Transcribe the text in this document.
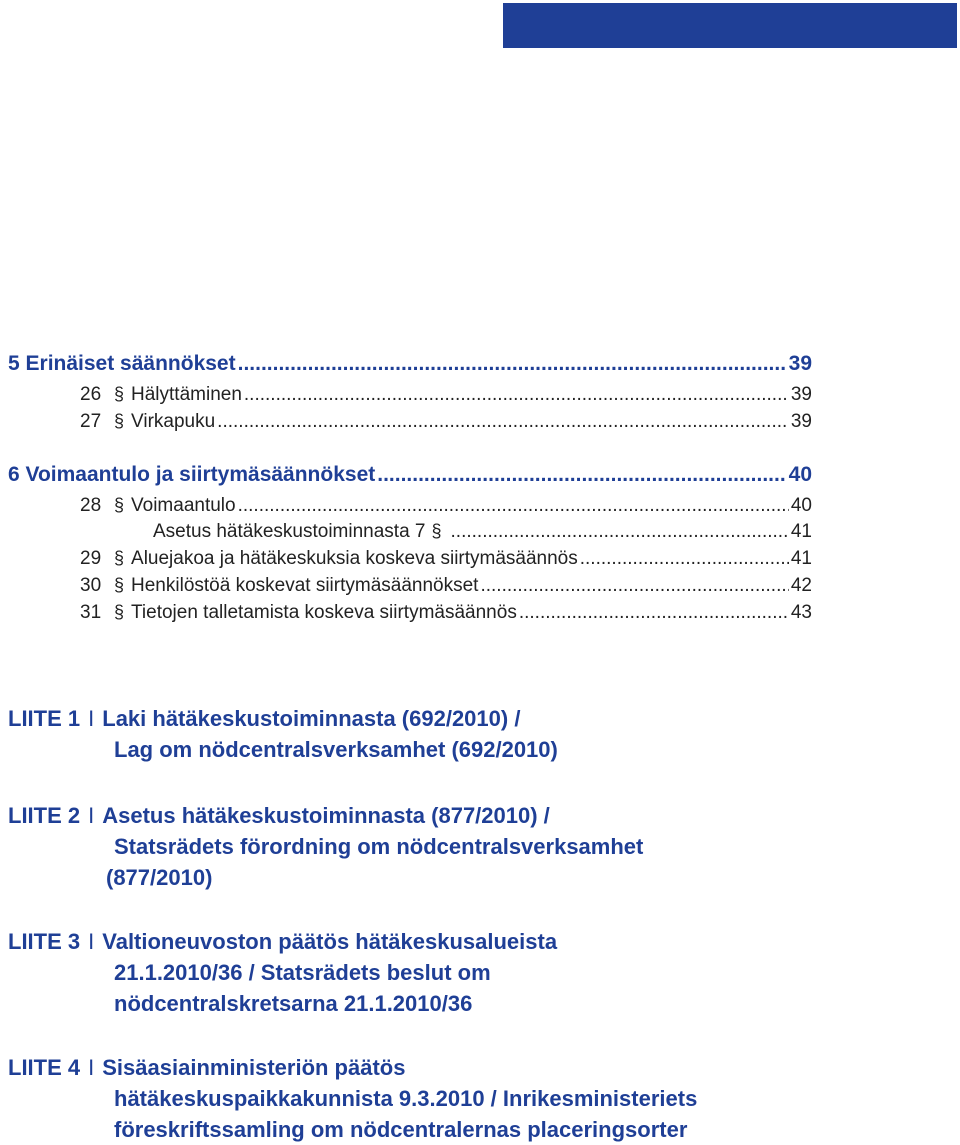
5 Erinäiset säännökset .....	39
26 § Hälyttäminen .....	39
27 § Virkapuku .....	39
6 Voimaantulo ja siirtymäsäännökset .....	40
28 § Voimaantulo .....	40
Asetus hätäkeskustoiminnasta 7 § .....	41
29 § Aluejakoa ja hätäkeskuksia koskeva siirtymäsäännös .....	41
30 § Henkilöstöä koskevat siirtymäsäännökset .....	42
31 § Tietojen talletamista koskeva siirtymäsäännös .....	43
LIITE 1 I Laki hätäkeskustoiminnasta (692/2010) /
Lag om nödcentralsverksamhet (692/2010)
LIITE 2 I Asetus hätäkeskustoiminnasta (877/2010) /
Statsrädets förordning om nödcentralsverksamhet
(877/2010)
LIITE 3 I Valtioneuvoston päätös hätäkeskusalueista
21.1.2010/36 / Statsrädets beslut om
nödcentralskretsarna 21.1.2010/36
LIITE 4 I Sisäasiainministeriön päätös
hätäkeskuspaikkakunnista 9.3.2010 / Inrikesministeriets
föreskriftssamling om nödcentralernas placeringsorter
